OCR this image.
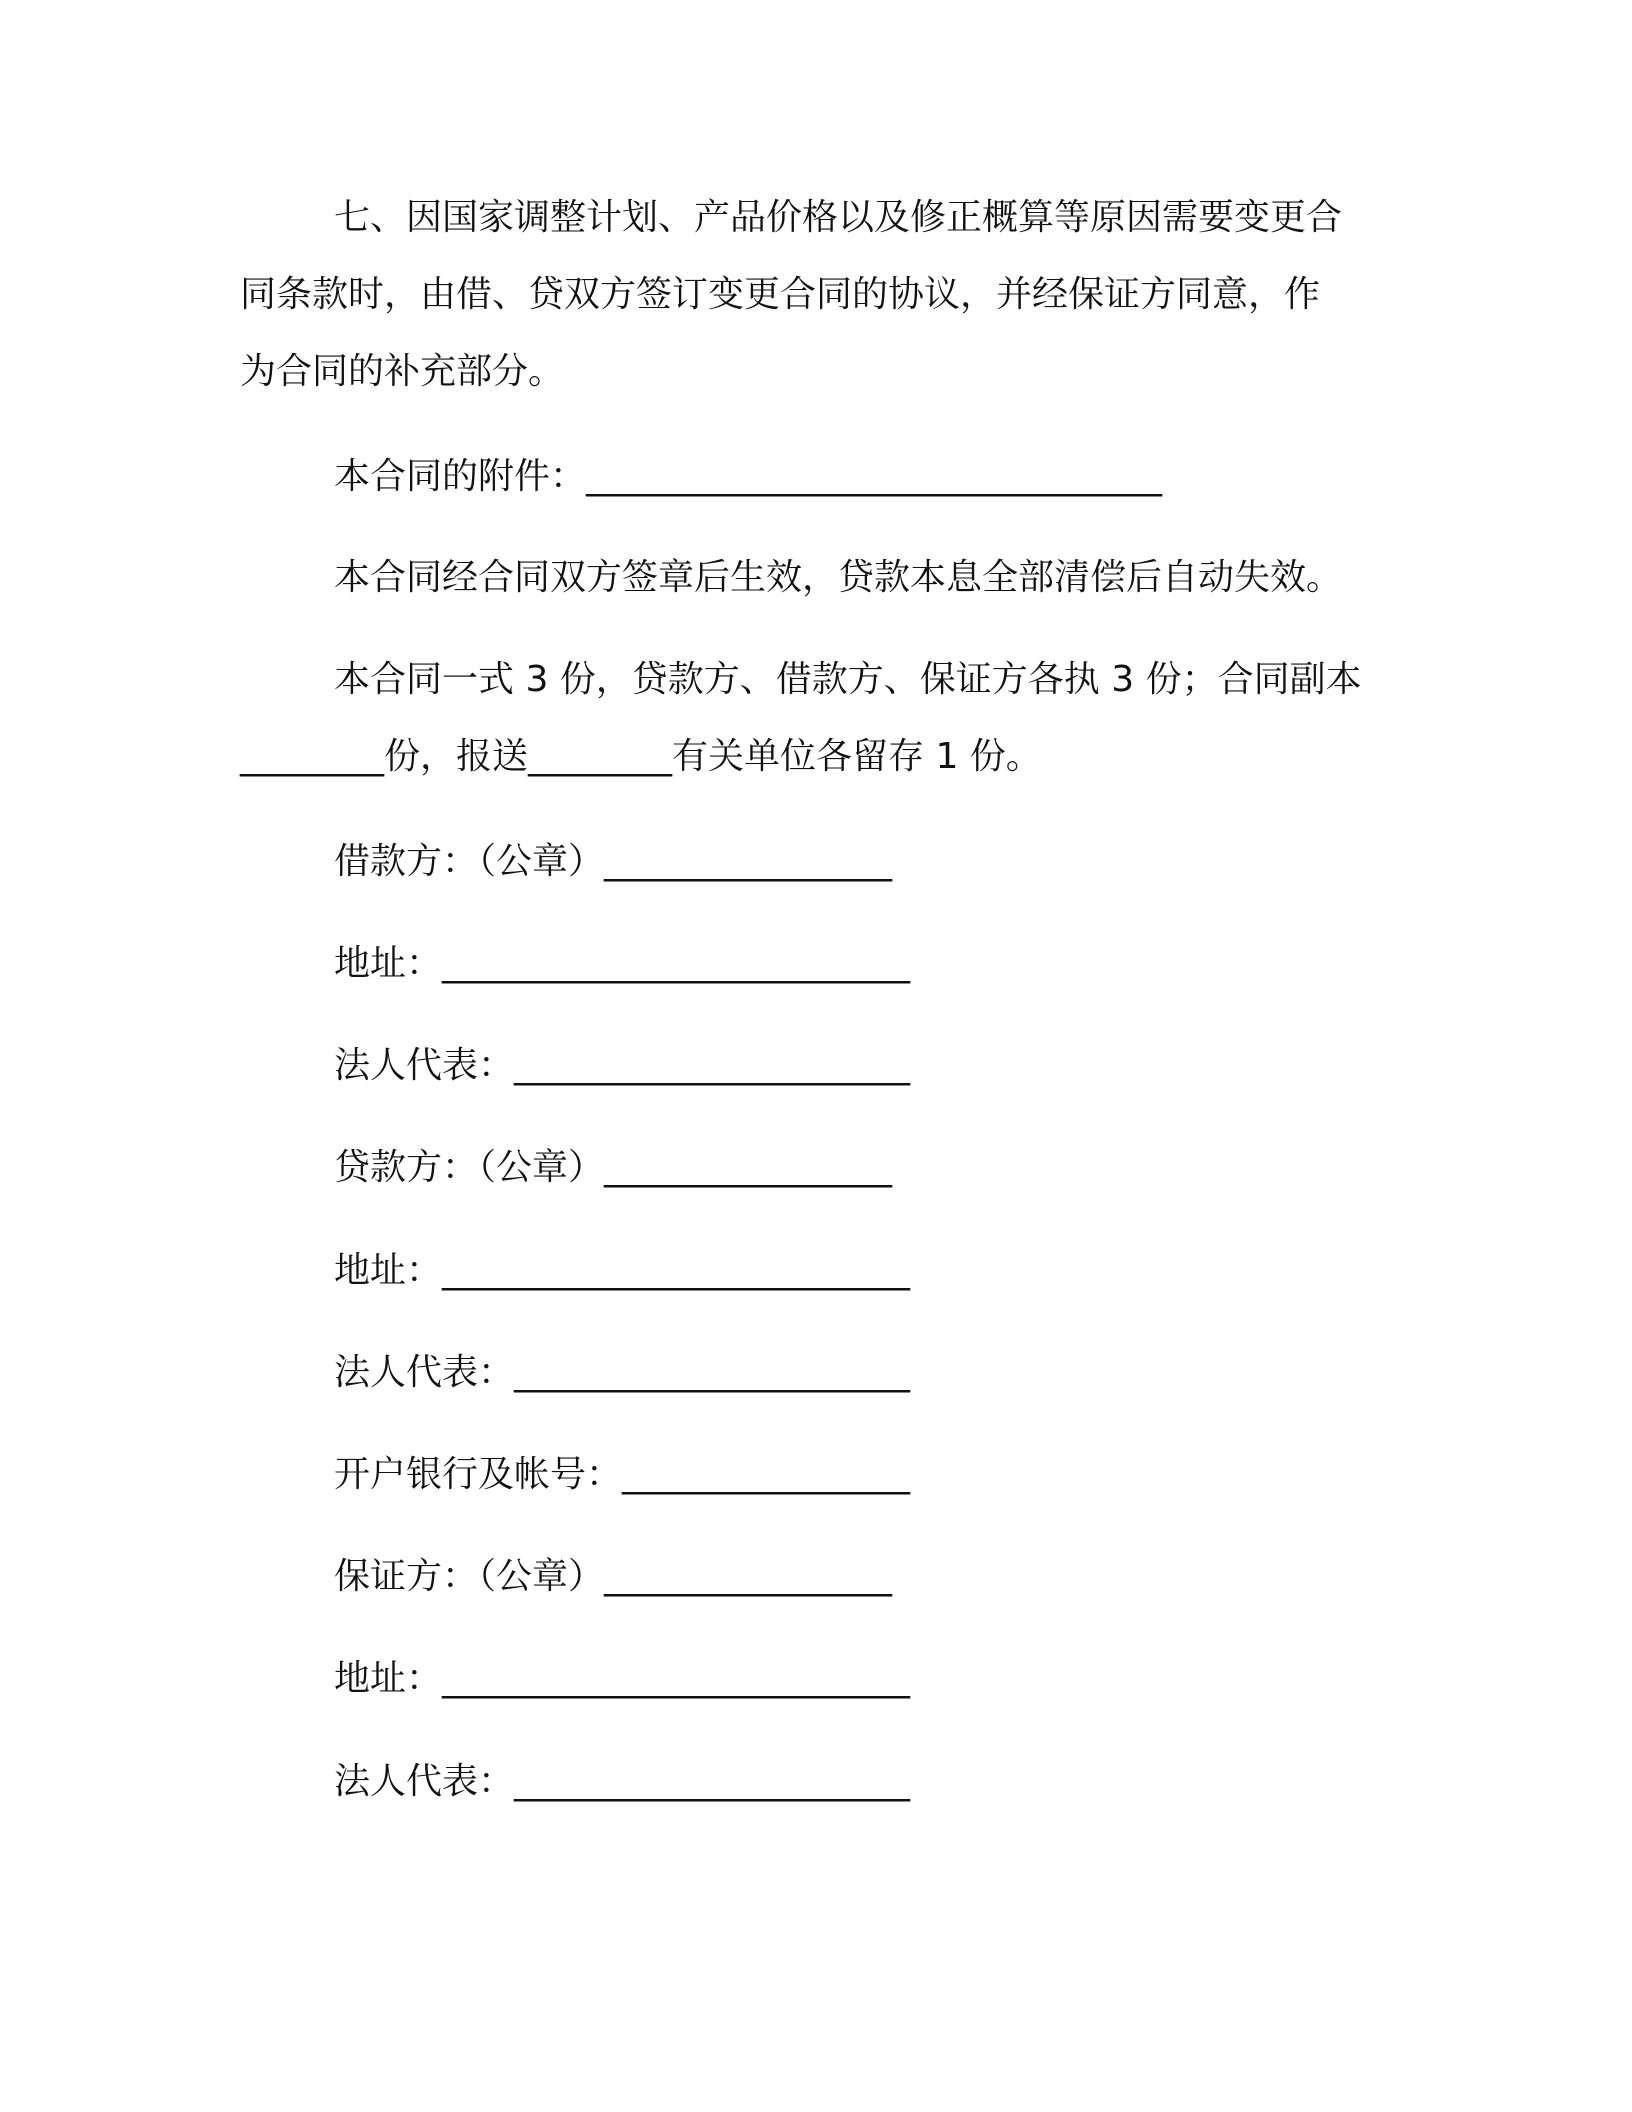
七、因国家调整计划、产品价格以及修正概算等原因需要变更合
同条款时，由借、贷双方签订变更合同的协议，并经保证方同意，作
为合同的补充部分。
本合同的附件：________________________________
本合同经合同双方签章后生效，贷款本息全部清偿后自动失效。
本合同一式 3 份，贷款方、借款方、保证方各执 3 份；合同副本
________份，报送________有关单位各留存 1 份。
借款方：（公章）________________
地址：__________________________
法人代表：______________________
贷款方：（公章）________________
地址：__________________________
法人代表：______________________
开户银行及帐号：________________
保证方：（公章）________________
地址：__________________________
法人代表：______________________
